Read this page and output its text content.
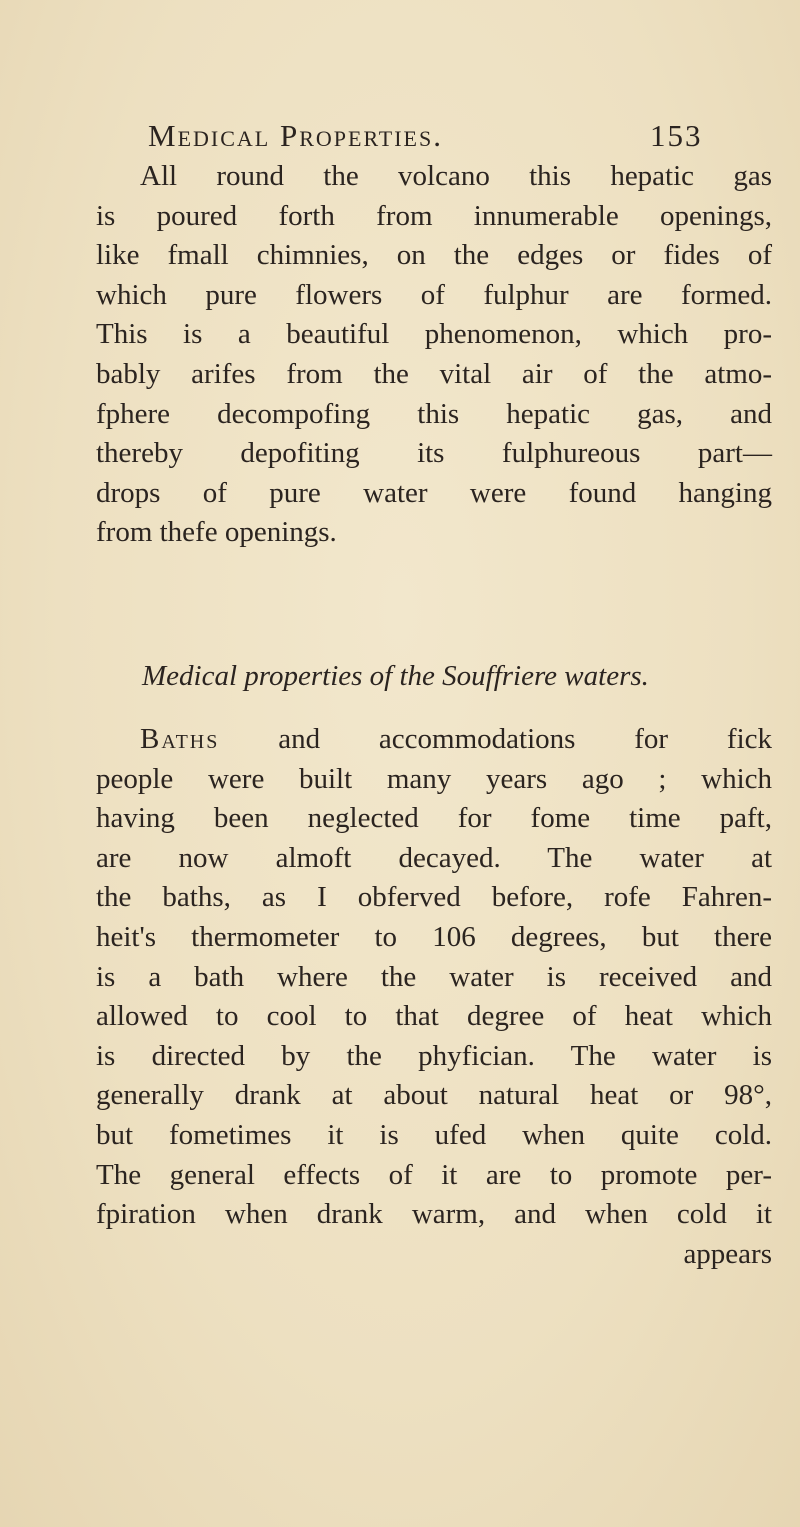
Medical Properties.	153
All round the volcano this hepatic gas
is poured forth from innumerable openings,
like fmall chimnies, on the edges or fides of
which pure flowers of fulphur are formed.
This is a beautiful phenomenon, which pro-
bably arifes from the vital air of the atmo-
fphere decompofing this hepatic gas, and
thereby depofiting its fulphureous part—
drops of pure water were found hanging
from thefe openings.
Medical properties of the Souffriere waters.
Baths and accommodations for fick
people were built many years ago ; which
having been neglected for fome time paft,
are now almoft decayed. The water at
the baths, as I obferved before, rofe Fahren-
heit's thermometer to 106 degrees, but there
is a bath where the water is received and
allowed to cool to that degree of heat which
is directed by the phyfician. The water is
generally drank at about natural heat or 98°,
but fometimes it is ufed when quite cold.
The general effects of it are to promote per-
fpiration when drank warm, and when cold it
appears
